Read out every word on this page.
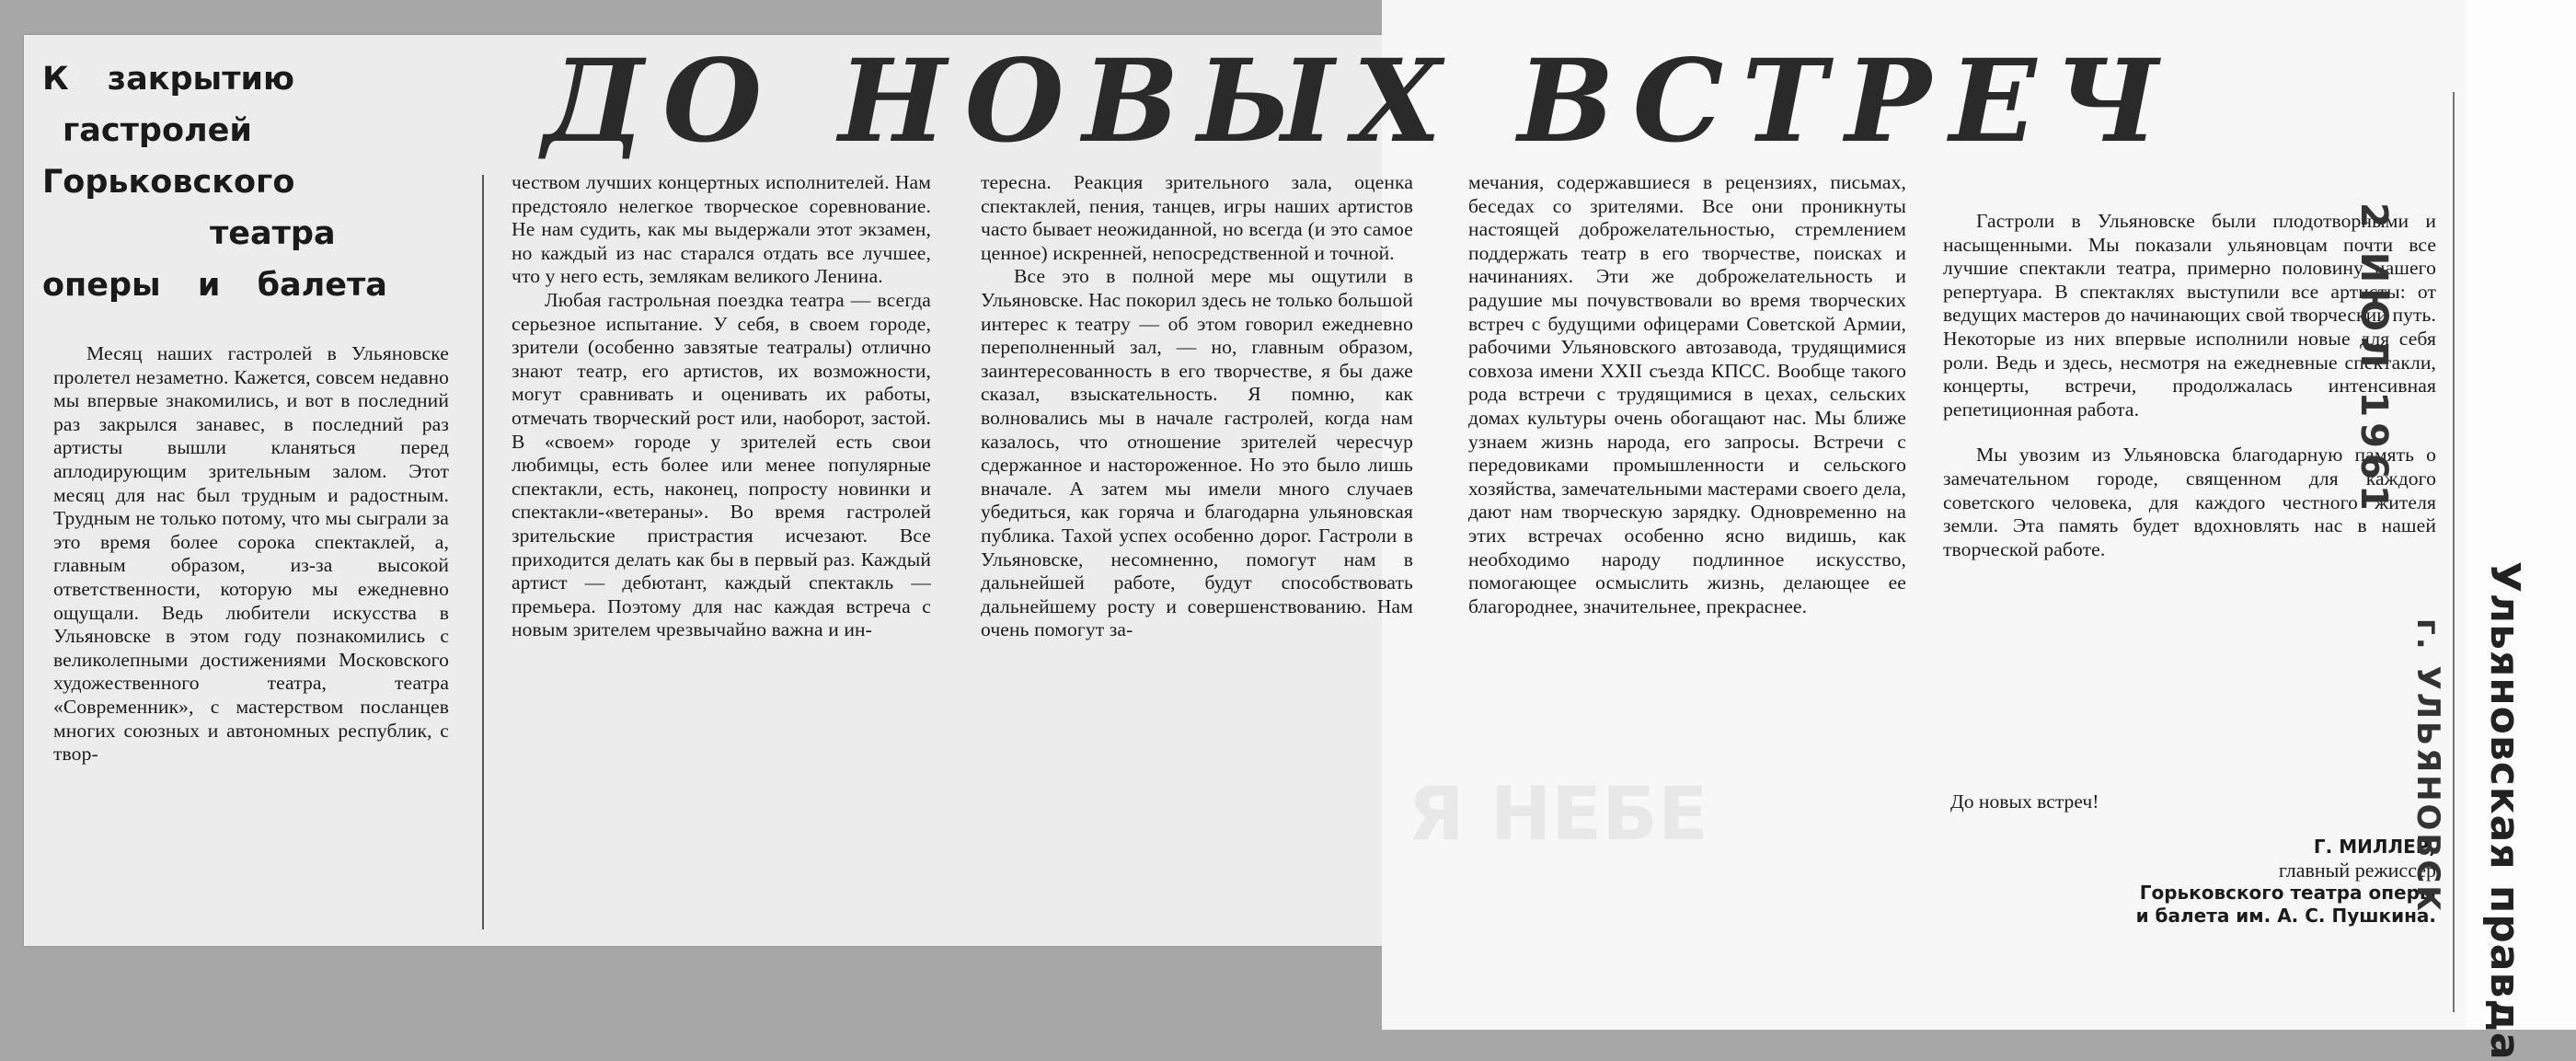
Я НЕБЕ
К закрытию
гастролей
Горьковского
театра
оперы и балета
ДО НОВЫХ ВСТРЕЧ

Месяц наших гастролей в Ульяновске пролетел незаметно. Кажется, совсем недавно мы впервые знакомились, и вот в последний раз закрылся занавес, в последний раз артисты вышли кланяться перед аплодирующим зрительным залом. Этот месяц для нас был трудным и радостным. Трудным не только потому, что мы сыграли за это время более сорока спектаклей, а, главным образом, из-за высокой ответственности, которую мы ежедневно ощущали. Ведь любители искусства в Ульяновске в этом году познакомились с великолепными достижениями Московского художественного театра, театра «Современник», с мастерством посланцев многих союзных и автономных республик, с твор-

чеством лучших концертных исполнителей. Нам предстояло нелегкое творческое соревнование. Не нам судить, как мы выдержали этот экзамен, но каждый из нас старался отдать все лучшее, что у него есть, землякам великого Ленина.

Любая гастрольная поездка театра — всегда серьезное испытание. У себя, в своем городе, зрители (особенно завзятые театралы) отлично знают театр, его артистов, их возможности, могут сравнивать и оценивать их работы, отмечать творческий рост или, наоборот, застой. В «своем» городе у зрителей есть свои любимцы, есть более или менее популярные спектакли, есть, наконец, попросту новинки и спектакли-«ветераны». Во время гастролей зрительские пристрастия исчезают. Все приходится делать как бы в первый раз. Каждый артист — дебютант, каждый спектакль — премьера. Поэтому для нас каждая встреча с новым зрителем чрезвычайно важна и ин-

тересна. Реакция зрительного зала, оценка спектаклей, пения, танцев, игры наших артистов часто бывает неожиданной, но всегда (и это самое ценное) искренней, непосредственной и точной.

Все это в полной мере мы ощутили в Ульяновске. Нас покорил здесь не только большой интерес к театру — об этом говорил ежедневно переполненный зал, — но, главным образом, заинтересованность в его творчестве, я бы даже сказал, взыскательность. Я помню, как волновались мы в начале гастролей, когда нам казалось, что отношение зрителей чересчур сдержанное и настороженное. Но это было лишь вначале. А затем мы имели много случаев убедиться, как горяча и благодарна ульяновская публика. Тахой успех особенно дорог. Гастроли в Ульяновске, несомненно, помогут нам в дальнейшей работе, будут способствовать дальнейшему росту и совершенствованию. Нам очень помогут за-

мечания, содержавшиеся в рецензиях, письмах, беседах со зрителями. Все они проникнуты настоящей доброжелательностью, стремлением поддержать театр в его творчестве, поисках и начинаниях. Эти же доброжелательность и радушие мы почувствовали во время творческих встреч с будущими офицерами Советской Армии, рабочими Ульяновского автозавода, трудящимися совхоза имени XXII съезда КПСС. Вообще такого рода встречи с трудящимися в цехах, сельских домах культуры очень обогащают нас. Мы ближе узнаем жизнь народа, его запросы. Встречи с передовиками промышленности и сельского хозяйства, замечательными мастерами своего дела, дают нам творческую зарядку. Одновременно на этих встречах особенно ясно видишь, как необходимо народу подлинное искусство, помогающее осмыслить жизнь, делающее ее благороднее, значительнее, прекраснее.

Гастроли в Ульяновске были плодотворными и насыщенными. Мы показали ульяновцам почти все лучшие спектакли театра, примерно половину нашего репертуара. В спектаклях выступили все артисты: от ведущих мастеров до начинающих свой творческий путь. Некоторые из них впервые исполнили новые для себя роли. Ведь и здесь, несмотря на ежедневные спектакли, концерты, встречи, продолжалась интенсивная репетиционная работа.

Мы увозим из Ульяновска благодарную память о замечательном городе, священном для каждого советского человека, для каждого честного жителя земли. Эта память будет вдохновлять нас в нашей творческой работе.

До новых встреч!
Г. МИЛЛЕР,
главный режиссер
Горьковского театра оперы
и балета им. А. С. Пушкина.
2 ИЮЛ 1961
г. УЛЬЯНОВСК Ульяновская правда
